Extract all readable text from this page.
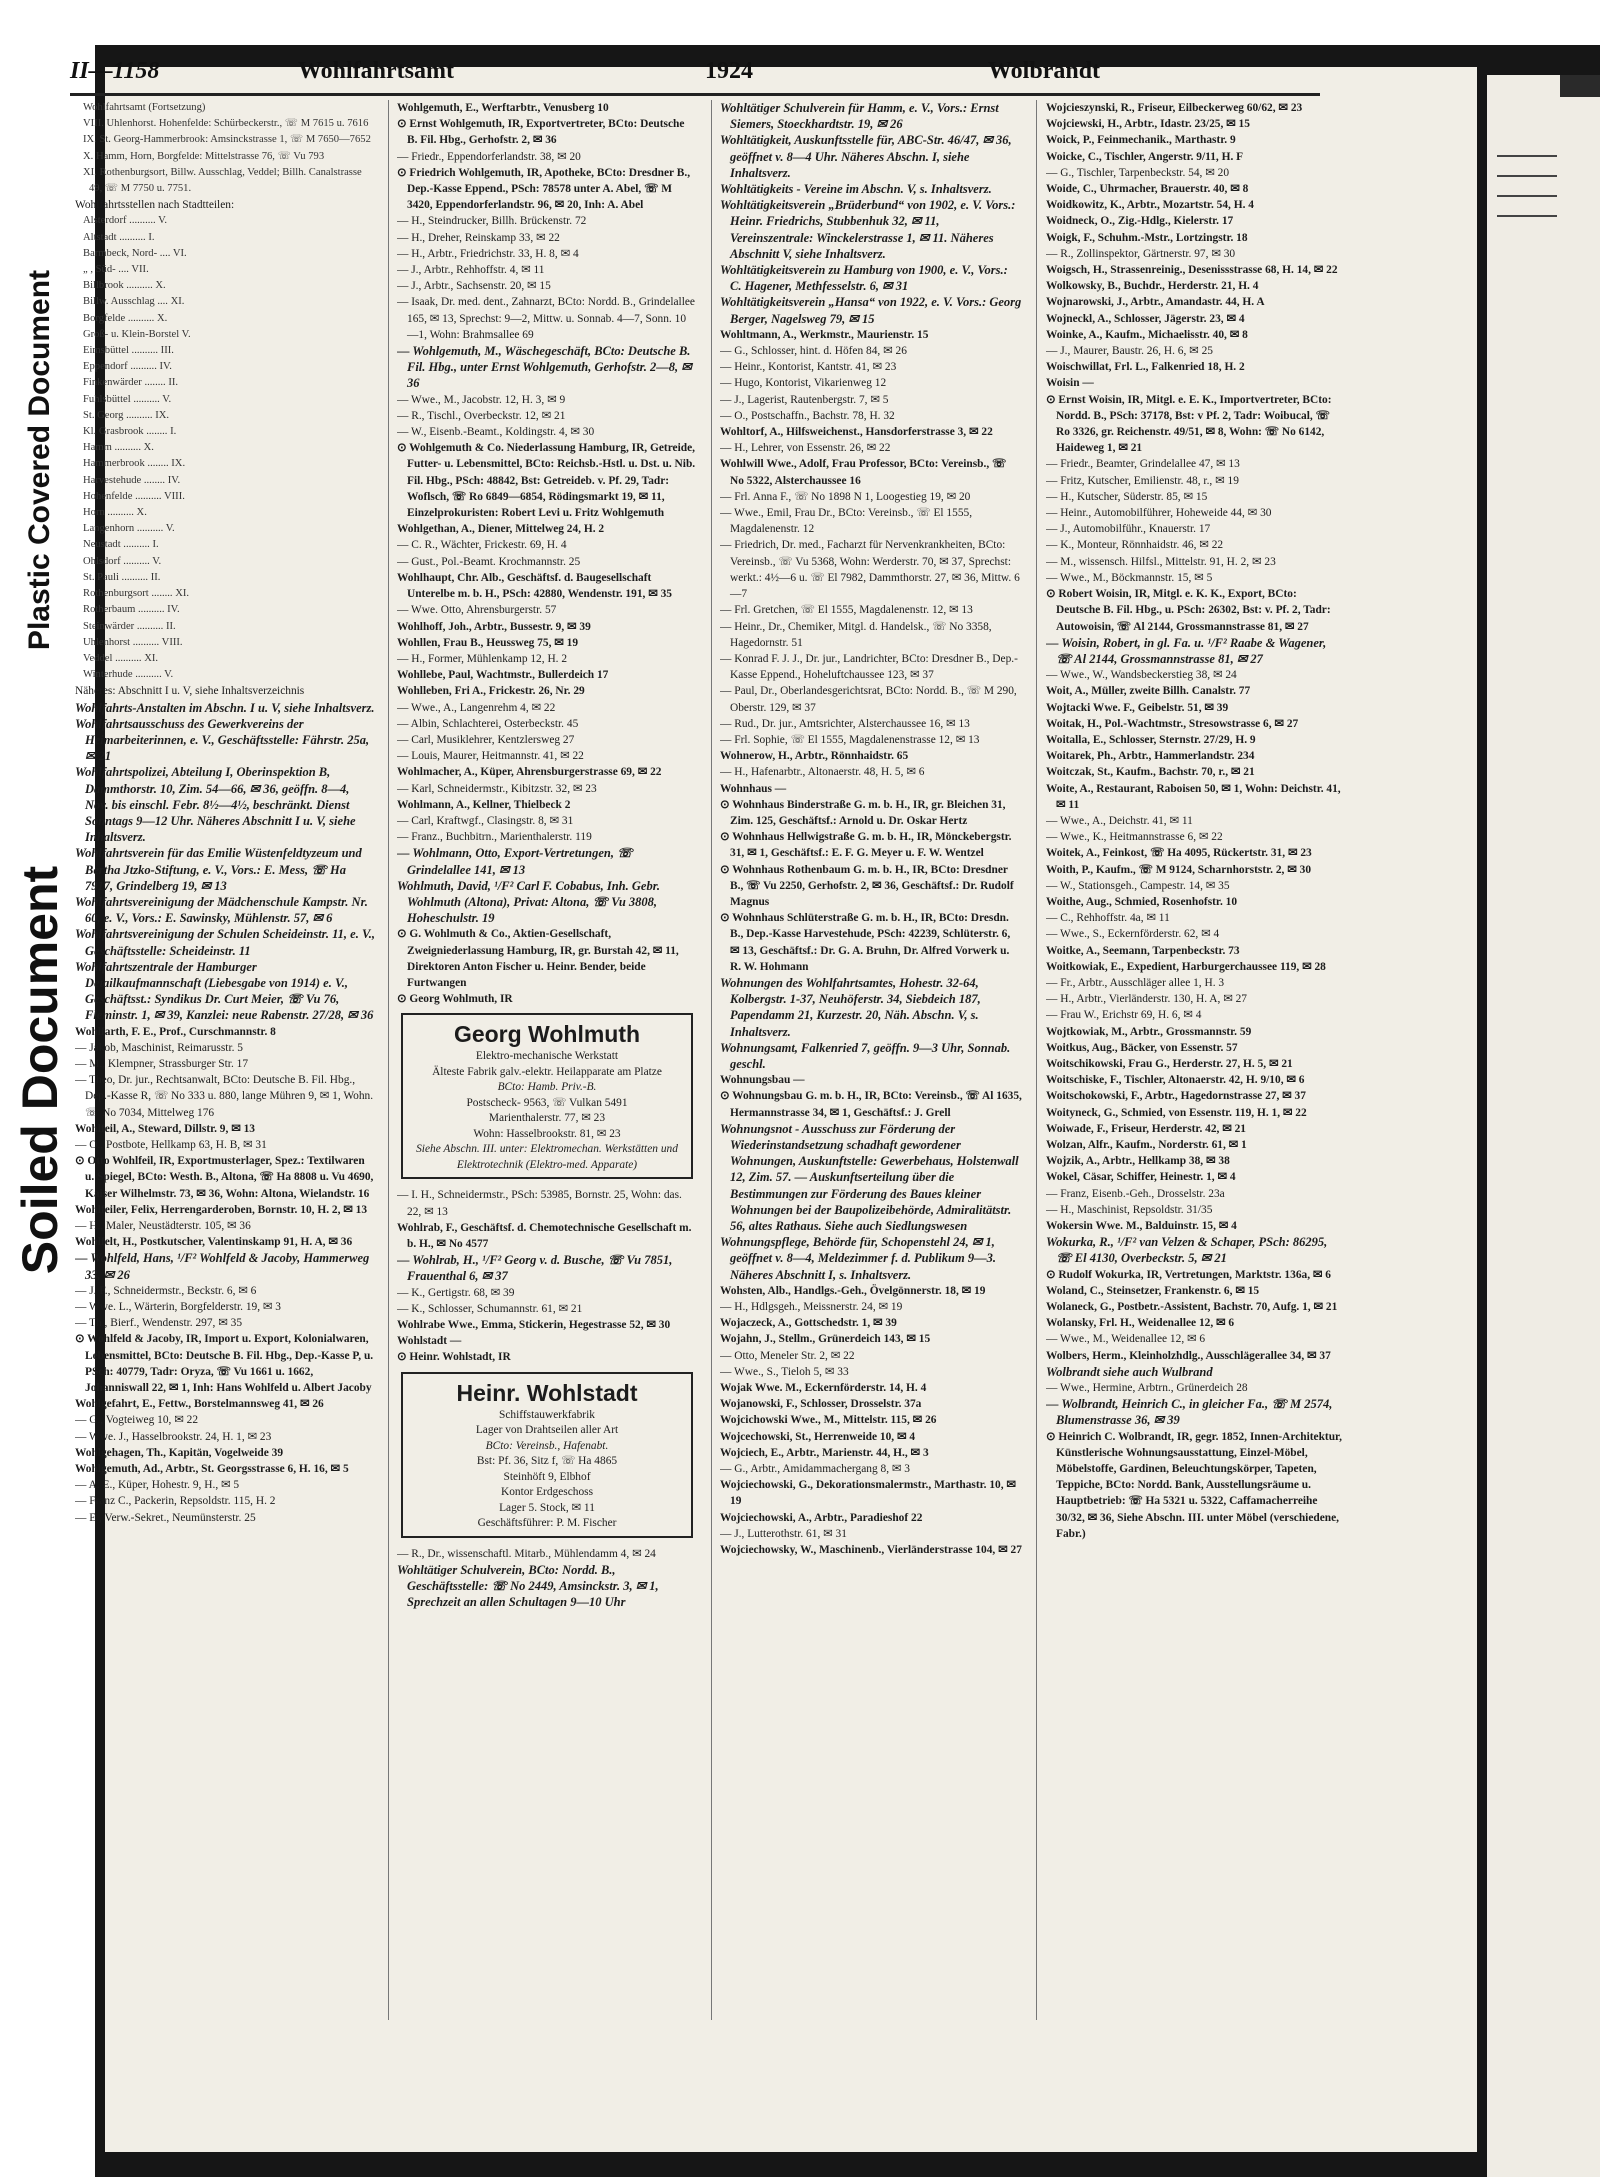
Plastic Covered Document
Soiled Document
II—1158	Wohlfahrtsamt	1924	Wolbrandt

Wohlfahrtsamt (Fortsetzung)

VIII. Uhlenhorst. Hohenfelde: Schürbeckerstr., ☏ M 7615 u. 7616

IX. St. Georg-Hammerbrook: Amsinckstrasse 1, ☏ M 7650—7652

X. Hamm, Horn, Borgfelde: Mittelstrasse 76, ☏ Vu 793

XI. Rothenburgsort, Billw. Ausschlag, Veddel; Billh. Canalstrasse 49, ☏ M 7750 u. 7751.

Wohlfahrtsstellen nach Stadtteilen:

Alsterdorf .......... V.

Altstadt .......... I.

Barmbeck, Nord- .... VI.

„ , Süd- .... VII.

Billbrook .......... X.

Billw. Ausschlag .... XI.

Borgfelde .......... X.

Groß- u. Klein-Borstel V.

Eimsbüttel .......... III.

Eppendorf .......... IV.

Finkenwärder ........ II.

Fuhlsbüttel .......... V.

St. Georg .......... IX.

Kl. Grasbrook ........ I.

Hamm .......... X.

Hammerbrook ........ IX.

Harvestehude ........ IV.

Hohenfelde .......... VIII.

Horn .......... X.

Langenhorn .......... V.

Neustadt .......... I.

Ohlsdorf .......... V.

St. Pauli .......... II.

Rothenburgsort ........ XI.

Rotherbaum .......... IV.

Steinwärder .......... II.

Uhlenhorst .......... VIII.

Veddel .......... XI.

Winterhude .......... V.

Näheres: Abschnitt I u. V, siehe Inhaltsverzeichnis

Wohlfahrts-Anstalten im Abschn. I u. V, siehe Inhaltsverz.

Wohlfahrtsausschuss des Gewerkvereins der Heimarbeiterinnen, e. V., Geschäftsstelle: Fährstr. 25a, ✉ 21

Wohlfahrtspolizei, Abteilung I, Oberinspektion B, Dammthorstr. 10, Zim. 54—66, ✉ 36, geöffn. 8—4, Nov. bis einschl. Febr. 8½—4½, beschränkt. Dienst Sonntags 9—12 Uhr. Näheres Abschnitt I u. V, siehe Inhaltsverz.

Wohlfahrtsverein für das Emilie Wüstenfeldtyzeum und Bertha Jtzko-Stiftung, e. V., Vors.: E. Mess, ☏ Ha 7917, Grindelberg 19, ✉ 13

Wohlfahrtsvereinigung der Mädchenschule Kampstr. Nr. 60, e. V., Vors.: E. Sawinsky, Mühlenstr. 57, ✉ 6

Wohlfahrtsvereinigung der Schulen Scheideinstr. 11, e. V., Geschäftsstelle: Scheideinstr. 11

Wohlfahrtszentrale der Hamburger Detailkaufmannschaft (Liebesgabe von 1914) e. V., Geschäftsst.: Syndikus Dr. Curt Meier, ☏ Vu 76, Fleminstr. 1, ✉ 39, Kanzlei: neue Rabenstr. 27/28, ✉ 36

Wohlfarth, F. E., Prof., Curschmannstr. 8

— Jakob, Maschinist, Reimarusstr. 5

— M., Klempner, Strassburger Str. 17

— Theo, Dr. jur., Rechtsanwalt, BCto: Deutsche B. Fil. Hbg., Dep.-Kasse R, ☏ No 333 u. 880, lange Mühren 9, ✉ 1, Wohn. ☏ No 7034, Mittelweg 176

Wohlfeil, A., Steward, Dillstr. 9, ✉ 13

— O., Postbote, Hellkamp 63, H. B, ✉ 31

⊙ Otto Wohlfeil, IR, Exportmusterlager, Spez.: Textilwaren u. Spiegel, BCto: Westh. B., Altona, ☏ Ha 8808 u. Vu 4690, Kaiser Wilhelmstr. 73, ✉ 36, Wohn: Altona, Wielandstr. 16

Wohlfeiler, Felix, Herrengarderoben, Bornstr. 10, H. 2, ✉ 13

— H., Maler, Neustädterstr. 105, ✉ 36

Wohlfelt, H., Postkutscher, Valentinskamp 91, H. A, ✉ 36

— Wohlfeld, Hans, ¹/F² Wohlfeld & Jacoby, Hammerweg 33, ✉ 26

— J. F., Schneidermstr., Beckstr. 6, ✉ 6

— Wwe. L., Wärterin, Borgfelderstr. 19, ✉ 3

— Th., Bierf., Wendenstr. 297, ✉ 35

⊙ Wohlfeld & Jacoby, IR, Import u. Export, Kolonialwaren, Lebensmittel, BCto: Deutsche B. Fil. Hbg., Dep.-Kasse P, u. PSch: 40779, Tadr: Oryza, ☏ Vu 1661 u. 1662, Johanniswall 22, ✉ 1, Inh: Hans Wohlfeld u. Albert Jacoby

Wohlgefahrt, E., Fettw., Borstelmannsweg 41, ✉ 26

— G., Vogteiweg 10, ✉ 22

— Wwe. J., Hasselbrookstr. 24, H. 1, ✉ 23

Wohlgehagen, Th., Kapitän, Vogelweide 39

Wohlgemuth, Ad., Arbtr., St. Georgsstrasse 6, H. 16, ✉ 5

— A. E., Küper, Hohestr. 9, H., ✉ 5

— Franz C., Packerin, Repsoldstr. 115, H. 2

— E., Verw.-Sekret., Neumünsterstr. 25

Wohlgemuth, E., Werftarbtr., Venusberg 10

⊙ Ernst Wohlgemuth, IR, Exportvertreter, BCto: Deutsche B. Fil. Hbg., Gerhofstr. 2, ✉ 36

— Friedr., Eppendorferlandstr. 38, ✉ 20

⊙ Friedrich Wohlgemuth, IR, Apotheke, BCto: Dresdner B., Dep.-Kasse Eppend., PSch: 78578 unter A. Abel, ☏ M 3420, Eppendorferlandstr. 96, ✉ 20, Inh: A. Abel

— H., Steindrucker, Billh. Brückenstr. 72

— H., Dreher, Reinskamp 33, ✉ 22

— H., Arbtr., Friedrichstr. 33, H. 8, ✉ 4

— J., Arbtr., Rehhoffstr. 4, ✉ 11

— J., Arbtr., Sachsenstr. 20, ✉ 15

— Isaak, Dr. med. dent., Zahnarzt, BCto: Nordd. B., Grindelallee 165, ✉ 13, Sprechst: 9—2, Mittw. u. Sonnab. 4—7, Sonn. 10—1, Wohn: Brahmsallee 69

— Wohlgemuth, M., Wäschegeschäft, BCto: Deutsche B. Fil. Hbg., unter Ernst Wohlgemuth, Gerhofstr. 2—8, ✉ 36

— Wwe., M., Jacobstr. 12, H. 3, ✉ 9

— R., Tischl., Overbeckstr. 12, ✉ 21

— W., Eisenb.-Beamt., Koldingstr. 4, ✉ 30

⊙ Wohlgemuth & Co. Niederlassung Hamburg, IR, Getreide, Futter- u. Lebensmittel, BCto: Reichsb.-Hstl. u. Dst. u. Nib. Fil. Hbg., PSch: 48842, Bst: Getreideb. v. Pf. 29, Tadr: Woflsch, ☏ Ro 6849—6854, Rödingsmarkt 19, ✉ 11, Einzelprokuristen: Robert Levi u. Fritz Wohlgemuth

Wohlgethan, A., Diener, Mittelweg 24, H. 2

— C. R., Wächter, Frickestr. 69, H. 4

— Gust., Pol.-Beamt. Krochmannstr. 25

Wohlhaupt, Chr. Alb., Geschäftsf. d. Baugesellschaft Unterelbe m. b. H., PSch: 42880, Wendenstr. 191, ✉ 35

— Wwe. Otto, Ahrensburgerstr. 57

Wohlhoff, Joh., Arbtr., Bussestr. 9, ✉ 39

Wohllen, Frau B., Heussweg 75, ✉ 19

— H., Former, Mühlenkamp 12, H. 2

Wohllebe, Paul, Wachtmstr., Bullerdeich 17

Wohlleben, Fri A., Frickestr. 26, Nr. 29

— Wwe., A., Langenrehm 4, ✉ 22

— Albin, Schlachterei, Osterbeckstr. 45

— Carl, Musiklehrer, Kentzlersweg 27

— Louis, Maurer, Heitmannstr. 41, ✉ 22

Wohlmacher, A., Küper, Ahrensburgerstrasse 69, ✉ 22

— Karl, Schneidermstr., Kibitzstr. 32, ✉ 23

Wohlmann, A., Kellner, Thielbeck 2

— Carl, Kraftwgf., Clasingstr. 8, ✉ 31

— Franz., Buchbitrn., Marienthalerstr. 119

— Wohlmann, Otto, Export-Vertretungen, ☏ Grindelallee 141, ✉ 13

Wohlmuth, David, ¹/F² Carl F. Cobabus, Inh. Gebr. Wohlmuth (Altona), Privat: Altona, ☏ Vu 3808, Hoheschulstr. 19

⊙ G. Wohlmuth & Co., Aktien-Gesellschaft, Zweigniederlassung Hamburg, IR, gr. Burstah 42, ✉ 11, Direktoren Anton Fischer u. Heinr. Bender, beide Furtwangen

⊙ Georg Wohlmuth, IR

Georg Wohlmuth

Elektro-mechanische Werkstatt

Älteste Fabrik galv.-elektr. Heilapparate am Platze

BCto: Hamb. Priv.-B.

Postscheck- 9563, ☏ Vulkan 5491

Marienthalerstr. 77, ✉ 23

Wohn: Hasselbrookstr. 81, ✉ 23

Siehe Abschn. III. unter: Elektromechan. Werkstätten und Elektrotechnik (Elektro-med. Apparate)

— I. H., Schneidermstr., PSch: 53985, Bornstr. 25, Wohn: das. 22, ✉ 13

Wohlrab, F., Geschäftsf. d. Chemotechnische Gesellschaft m. b. H., ✉ No 4577

— Wohlrab, H., ¹/F² Georg v. d. Busche, ☏ Vu 7851, Frauenthal 6, ✉ 37

— K., Gertigstr. 68, ✉ 39

— K., Schlosser, Schumannstr. 61, ✉ 21

Wohlrabe Wwe., Emma, Stickerin, Hegestrasse 52, ✉ 30

Wohlstadt —

⊙ Heinr. Wohlstadt, IR

Heinr. Wohlstadt

Schiffstauwerkfabrik

Lager von Drahtseilen aller Art

BCto: Vereinsb., Hafenabt.

Bst: Pf. 36, Sitz f, ☏ Ha 4865

Steinhöft 9, Elbhof

Kontor Erdgeschoss

Lager 5. Stock, ✉ 11

Geschäftsführer: P. M. Fischer

— R., Dr., wissenschaftl. Mitarb., Mühlendamm 4, ✉ 24

Wohltätiger Schulverein, BCto: Nordd. B., Geschäftsstelle: ☏ No 2449, Amsinckstr. 3, ✉ 1, Sprechzeit an allen Schultagen 9—10 Uhr

Wohltätiger Schulverein für Hamm, e. V., Vors.: Ernst Siemers, Stoeckhardtstr. 19, ✉ 26

Wohltätigkeit, Auskunftsstelle für, ABC-Str. 46/47, ✉ 36, geöffnet v. 8—4 Uhr. Näheres Abschn. I, siehe Inhaltsverz.

Wohltätigkeits - Vereine im Abschn. V, s. Inhaltsverz.

Wohltätigkeitsverein „Brüderbund“ von 1902, e. V. Vors.: Heinr. Friedrichs, Stubbenhuk 32, ✉ 11, Vereinszentrale: Winckelerstrasse 1, ✉ 11. Näheres Abschnitt V, siehe Inhaltsverz.

Wohltätigkeitsverein zu Hamburg von 1900, e. V., Vors.: C. Hagener, Methfesselstr. 6, ✉ 31

Wohltätigkeitsverein „Hansa“ von 1922, e. V. Vors.: Georg Berger, Nagelsweg 79, ✉ 15

Wohltmann, A., Werkmstr., Maurienstr. 15

— G., Schlosser, hint. d. Höfen 84, ✉ 26

— Heinr., Kontorist, Kantstr. 41, ✉ 23

— Hugo, Kontorist, Vikarienweg 12

— J., Lagerist, Rautenbergstr. 7, ✉ 5

— O., Postschaffn., Bachstr. 78, H. 32

Wohltorf, A., Hilfsweichenst., Hansdorferstrasse 3, ✉ 22

— H., Lehrer, von Essenstr. 26, ✉ 22

Wohlwill Wwe., Adolf, Frau Professor, BCto: Vereinsb., ☏ No 5322, Alsterchaussee 16

— Frl. Anna F., ☏ No 1898 N 1, Loogestieg 19, ✉ 20

— Wwe., Emil, Frau Dr., BCto: Vereinsb., ☏ El 1555, Magdalenenstr. 12

— Friedrich, Dr. med., Facharzt für Nervenkrankheiten, BCto: Vereinsb., ☏ Vu 5368, Wohn: Werderstr. 70, ✉ 37, Sprechst: werkt.: 4½—6 u. ☏ El 7982, Dammthorstr. 27, ✉ 36, Mittw. 6—7

— Frl. Gretchen, ☏ El 1555, Magdalenenstr. 12, ✉ 13

— Heinr., Dr., Chemiker, Mitgl. d. Handelsk., ☏ No 3358, Hagedornstr. 51

— Konrad F. J. J., Dr. jur., Landrichter, BCto: Dresdner B., Dep.-Kasse Eppend., Hoheluftchaussee 123, ✉ 37

— Paul, Dr., Oberlandesgerichtsrat, BCto: Nordd. B., ☏ M 290, Oberstr. 129, ✉ 37

— Rud., Dr. jur., Amtsrichter, Alsterchaussee 16, ✉ 13

— Frl. Sophie, ☏ El 1555, Magdalenenstrasse 12, ✉ 13

Wohnerow, H., Arbtr., Rönnhaidstr. 65

— H., Hafenarbtr., Altonaerstr. 48, H. 5, ✉ 6

Wohnhaus —

⊙ Wohnhaus Binderstraße G. m. b. H., IR, gr. Bleichen 31, Zim. 125, Geschäftsf.: Arnold u. Dr. Oskar Hertz

⊙ Wohnhaus Hellwigstraße G. m. b. H., IR, Mönckebergstr. 31, ✉ 1, Geschäftsf.: E. F. G. Meyer u. F. W. Wentzel

⊙ Wohnhaus Rothenbaum G. m. b. H., IR, BCto: Dresdner B., ☏ Vu 2250, Gerhofstr. 2, ✉ 36, Geschäftsf.: Dr. Rudolf Magnus

⊙ Wohnhaus Schlüterstraße G. m. b. H., IR, BCto: Dresdn. B., Dep.-Kasse Harvestehude, PSch: 42239, Schlüterstr. 6, ✉ 13, Geschäftsf.: Dr. G. A. Bruhn, Dr. Alfred Vorwerk u. R. W. Hohmann

Wohnungen des Wohlfahrtsamtes, Hohestr. 32-64, Kolbergstr. 1-37, Neuhöferstr. 34, Siebdeich 187, Papendamm 21, Kurzestr. 20, Näh. Abschn. V, s. Inhaltsverz.

Wohnungsamt, Falkenried 7, geöffn. 9—3 Uhr, Sonnab. geschl.

Wohnungsbau —

⊙ Wohnungsbau G. m. b. H., IR, BCto: Vereinsb., ☏ Al 1635, Hermannstrasse 34, ✉ 1, Geschäftsf.: J. Grell

Wohnungsnot - Ausschuss zur Förderung der Wiederinstandsetzung schadhaft gewordener Wohnungen, Auskunftstelle: Gewerbehaus, Holstenwall 12, Zim. 57. — Auskunftserteilung über die Bestimmungen zur Förderung des Baues kleiner Wohnungen bei der Baupolizeibehörde, Admiralitätstr. 56, altes Rathaus. Siehe auch Siedlungswesen

Wohnungspflege, Behörde für, Schopenstehl 24, ✉ 1, geöffnet v. 8—4, Meldezimmer f. d. Publikum 9—3. Näheres Abschnitt I, s. Inhaltsverz.

Wohsten, Alb., Handlgs.-Geh., Övelgönnerstr. 18, ✉ 19

— H., Hdlgsgeh., Meissnerstr. 24, ✉ 19

Wojaczeck, A., Gottschedstr. 1, ✉ 39

Wojahn, J., Stellm., Grünerdeich 143, ✉ 15

— Otto, Meneler Str. 2, ✉ 22

— Wwe., S., Tieloh 5, ✉ 33

Wojak Wwe. M., Eckernförderstr. 14, H. 4

Wojanowski, F., Schlosser, Drosselstr. 37a

Wojcichowski Wwe., M., Mittelstr. 115, ✉ 26

Wojcechowski, St., Herrenweide 10, ✉ 4

Wojciech, E., Arbtr., Marienstr. 44, H., ✉ 3

— G., Arbtr., Amidammachergang 8, ✉ 3

Wojciechowski, G., Dekorationsmalermstr., Marthastr. 10, ✉ 19

Wojciechowski, A., Arbtr., Paradieshof 22

— J., Lutterothstr. 61, ✉ 31

Wojciechowsky, W., Maschinenb., Vierländerstrasse 104, ✉ 27

Wojcieszynski, R., Friseur, Eilbeckerweg 60/62, ✉ 23

Wojciewski, H., Arbtr., Idastr. 23/25, ✉ 15

Woick, P., Feinmechanik., Marthastr. 9

Woicke, C., Tischler, Angerstr. 9/11, H. F

— G., Tischler, Tarpenbeckstr. 54, ✉ 20

Woide, C., Uhrmacher, Brauerstr. 40, ✉ 8

Woidkowitz, K., Arbtr., Mozartstr. 54, H. 4

Woidneck, O., Zig.-Hdlg., Kielerstr. 17

Woigk, F., Schuhm.-Mstr., Lortzingstr. 18

— R., Zollinspektor, Gärtnerstr. 97, ✉ 30

Woigsch, H., Strassenreinig., Desenissstrasse 68, H. 14, ✉ 22

Wolkowsky, B., Buchdr., Herderstr. 21, H. 4

Wojnarowski, J., Arbtr., Amandastr. 44, H. A

Wojneckl, A., Schlosser, Jägerstr. 23, ✉ 4

Woinke, A., Kaufm., Michaelisstr. 40, ✉ 8

— J., Maurer, Baustr. 26, H. 6, ✉ 25

Woischwillat, Frl. L., Falkenried 18, H. 2

Woisin —

⊙ Ernst Woisin, IR, Mitgl. e. E. K., Importvertreter, BCto: Nordd. B., PSch: 37178, Bst: v Pf. 2, Tadr: Woibucal, ☏ Ro 3326, gr. Reichenstr. 49/51, ✉ 8, Wohn: ☏ No 6142, Haideweg 1, ✉ 21

— Friedr., Beamter, Grindelallee 47, ✉ 13

— Fritz, Kutscher, Emilienstr. 48, r., ✉ 19

— H., Kutscher, Süderstr. 85, ✉ 15

— Heinr., Automobilführer, Hoheweide 44, ✉ 30

— J., Automobilführ., Knauerstr. 17

— K., Monteur, Rönnhaidstr. 46, ✉ 22

— M., wissensch. Hilfsl., Mittelstr. 91, H. 2, ✉ 23

— Wwe., M., Böckmannstr. 15, ✉ 5

⊙ Robert Woisin, IR, Mitgl. e. K. K., Export, BCto: Deutsche B. Fil. Hbg., u. PSch: 26302, Bst: v. Pf. 2, Tadr: Autowoisin, ☏ Al 2144, Grossmannstrasse 81, ✉ 27

— Woisin, Robert, in gl. Fa. u. ¹/F² Raabe & Wagener, ☏ Al 2144, Grossmannstrasse 81, ✉ 27

— Wwe., W., Wandsbeckerstieg 38, ✉ 24

Woit, A., Müller, zweite Billh. Canalstr. 77

Wojtacki Wwe. F., Geibelstr. 51, ✉ 39

Woitak, H., Pol.-Wachtmstr., Stresowstrasse 6, ✉ 27

Woitalla, E., Schlosser, Sternstr. 27/29, H. 9

Woitarek, Ph., Arbtr., Hammerlandstr. 234

Woitczak, St., Kaufm., Bachstr. 70, r., ✉ 21

Woite, A., Restaurant, Raboisen 50, ✉ 1, Wohn: Deichstr. 41, ✉ 11

— Wwe., A., Deichstr. 41, ✉ 11

— Wwe., K., Heitmannstrasse 6, ✉ 22

Woitek, A., Feinkost, ☏ Ha 4095, Rückertstr. 31, ✉ 23

Woith, P., Kaufm., ☏ M 9124, Scharnhorststr. 2, ✉ 30

— W., Stationsgeh., Campestr. 14, ✉ 35

Woithe, Aug., Schmied, Rosenhofstr. 10

— C., Rehhoffstr. 4a, ✉ 11

— Wwe., S., Eckernförderstr. 62, ✉ 4

Woitke, A., Seemann, Tarpenbeckstr. 73

Woitkowiak, E., Expedient, Harburgerchaussee 119, ✉ 28

— Fr., Arbtr., Ausschläger allee 1, H. 3

— H., Arbtr., Vierländerstr. 130, H. A, ✉ 27

— Frau W., Erichstr 69, H. 6, ✉ 4

Wojtkowiak, M., Arbtr., Grossmannstr. 59

Woitkus, Aug., Bäcker, von Essenstr. 57

Woitschikowski, Frau G., Herderstr. 27, H. 5, ✉ 21

Woitschiske, F., Tischler, Altonaerstr. 42, H. 9/10, ✉ 6

Woitschokowski, F., Arbtr., Hagedornstrasse 27, ✉ 37

Woityneck, G., Schmied, von Essenstr. 119, H. 1, ✉ 22

Woiwade, F., Friseur, Herderstr. 42, ✉ 21

Wolzan, Alfr., Kaufm., Norderstr. 61, ✉ 1

Wojzik, A., Arbtr., Hellkamp 38, ✉ 38

Wokel, Cäsar, Schiffer, Heinestr. 1, ✉ 4

— Franz, Eisenb.-Geh., Drosselstr. 23a

— H., Maschinist, Repsoldstr. 31/35

Wokersin Wwe. M., Balduinstr. 15, ✉ 4

Wokurka, R., ¹/F² van Velzen & Schaper, PSch: 86295, ☏ El 4130, Overbeckstr. 5, ✉ 21

⊙ Rudolf Wokurka, IR, Vertretungen, Marktstr. 136a, ✉ 6

Woland, C., Steinsetzer, Frankenstr. 6, ✉ 15

Wolaneck, G., Postbetr.-Assistent, Bachstr. 70, Aufg. 1, ✉ 21

Wolansky, Frl. H., Weidenallee 12, ✉ 6

— Wwe., M., Weidenallee 12, ✉ 6

Wolbers, Herm., Kleinholzhdlg., Ausschlägerallee 34, ✉ 37

Wolbrandt siehe auch Wulbrand

— Wwe., Hermine, Arbtrn., Grünerdeich 28

— Wolbrandt, Heinrich C., in gleicher Fa., ☏ M 2574, Blumenstrasse 36, ✉ 39

⊙ Heinrich C. Wolbrandt, IR, gegr. 1852, Innen-Architektur, Künstlerische Wohnungsausstattung, Einzel-Möbel, Möbelstoffe, Gardinen, Beleuchtungskörper, Tapeten, Teppiche, BCto: Nordd. Bank, Ausstellungsräume u. Hauptbetrieb: ☏ Ha 5321 u. 5322, Caffamacherreihe 30/32, ✉ 36, Siehe Abschn. III. unter Möbel (verschiedene, Fabr.)
